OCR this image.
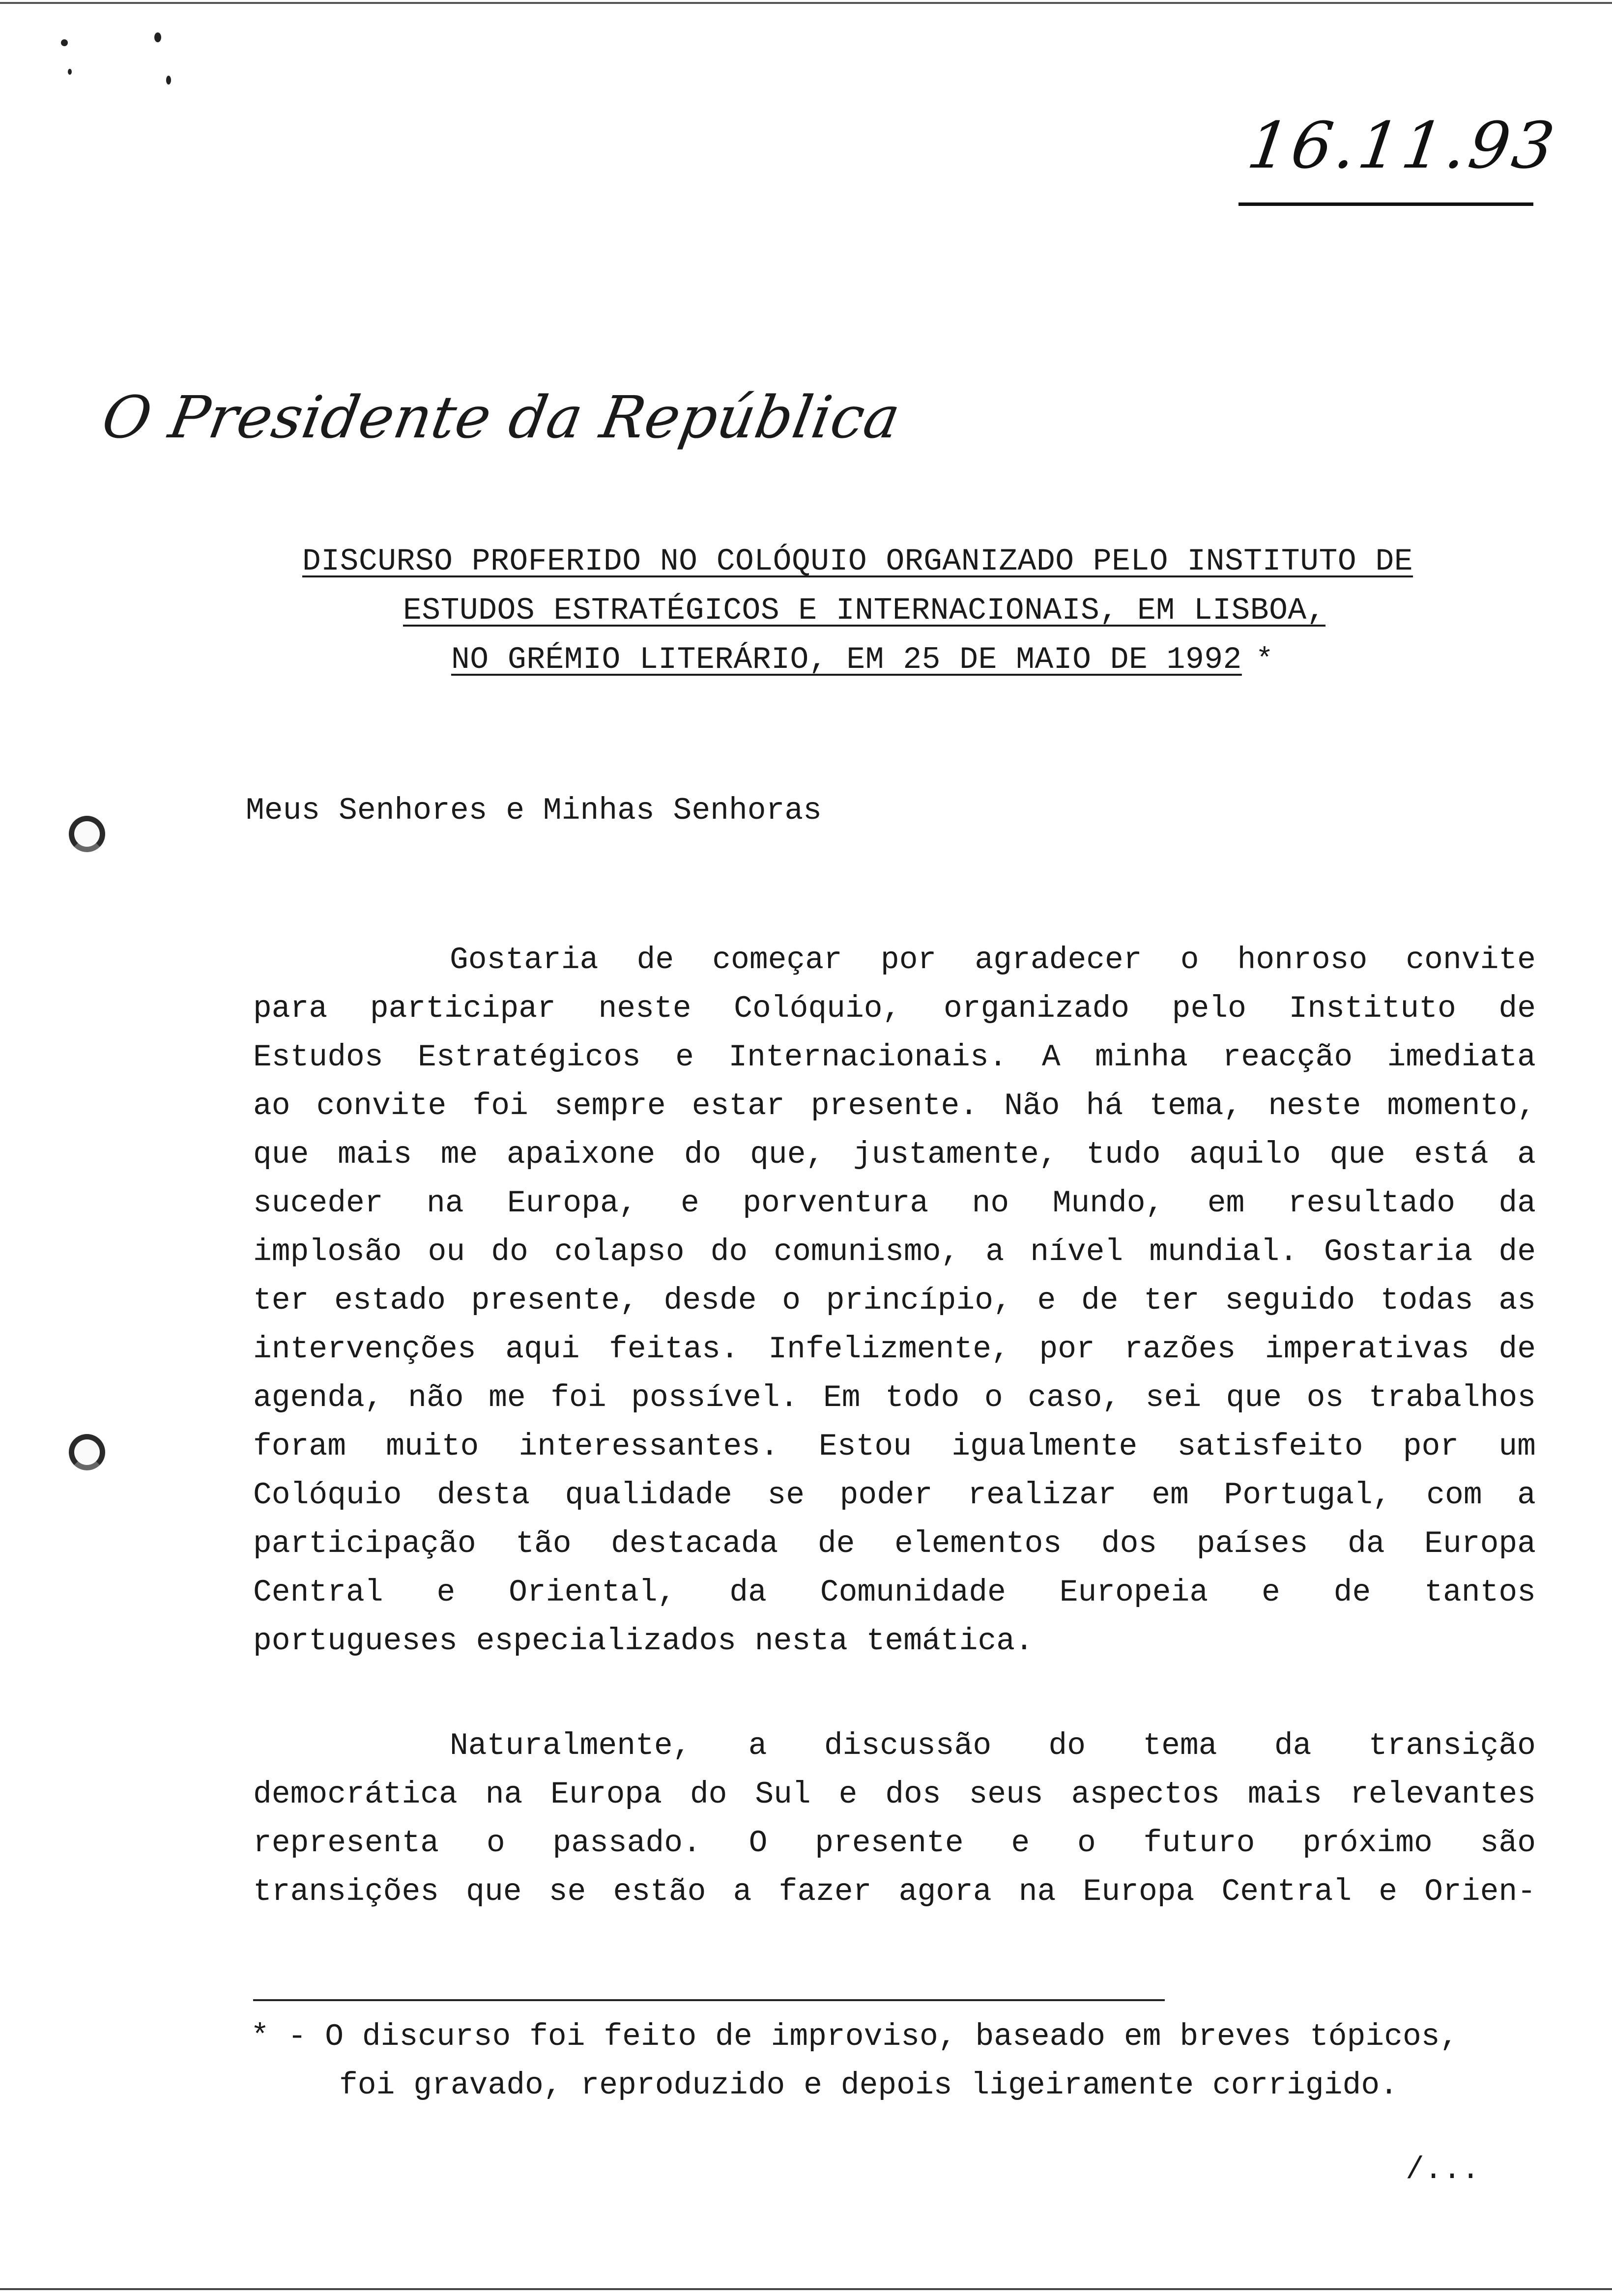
16.11.93
O Presidente da República
DISCURSO PROFERIDO NO COLÓQUIO ORGANIZADO PELO INSTITUTO DE
ESTUDOS ESTRATÉGICOS E INTERNACIONAIS, EM LISBOA,
NO GRÉMIO LITERÁRIO, EM 25 DE MAIO DE 1992 *
Meus Senhores e Minhas Senhoras
Gostaria de começar por agradecer o honroso convite
para participar neste Colóquio, organizado pelo Instituto de
Estudos Estratégicos e Internacionais. A minha reacção imediata
ao convite foi sempre estar presente. Não há tema, neste momento,
que mais me apaixone do que, justamente, tudo aquilo que está a
suceder na Europa, e porventura no Mundo, em resultado da
implosão ou do colapso do comunismo, a nível mundial. Gostaria de
ter estado presente, desde o princípio, e de ter seguido todas as
intervenções aqui feitas. Infelizmente, por razões imperativas de
agenda, não me foi possível. Em todo o caso, sei que os trabalhos
foram muito interessantes. Estou igualmente satisfeito por um
Colóquio desta qualidade se poder realizar em Portugal, com a
participação tão destacada de elementos dos países da Europa
Central e Oriental, da Comunidade Europeia e de tantos
portugueses especializados nesta temática.
Naturalmente, a discussão do tema da transição
democrática na Europa do Sul e dos seus aspectos mais relevantes
representa o passado. O presente e o futuro próximo são
transições que se estão a fazer agora na Europa Central e Orien-
* - O discurso foi feito de improviso, baseado em breves tópicos,
foi gravado, reproduzido e depois ligeiramente corrigido.
/...
